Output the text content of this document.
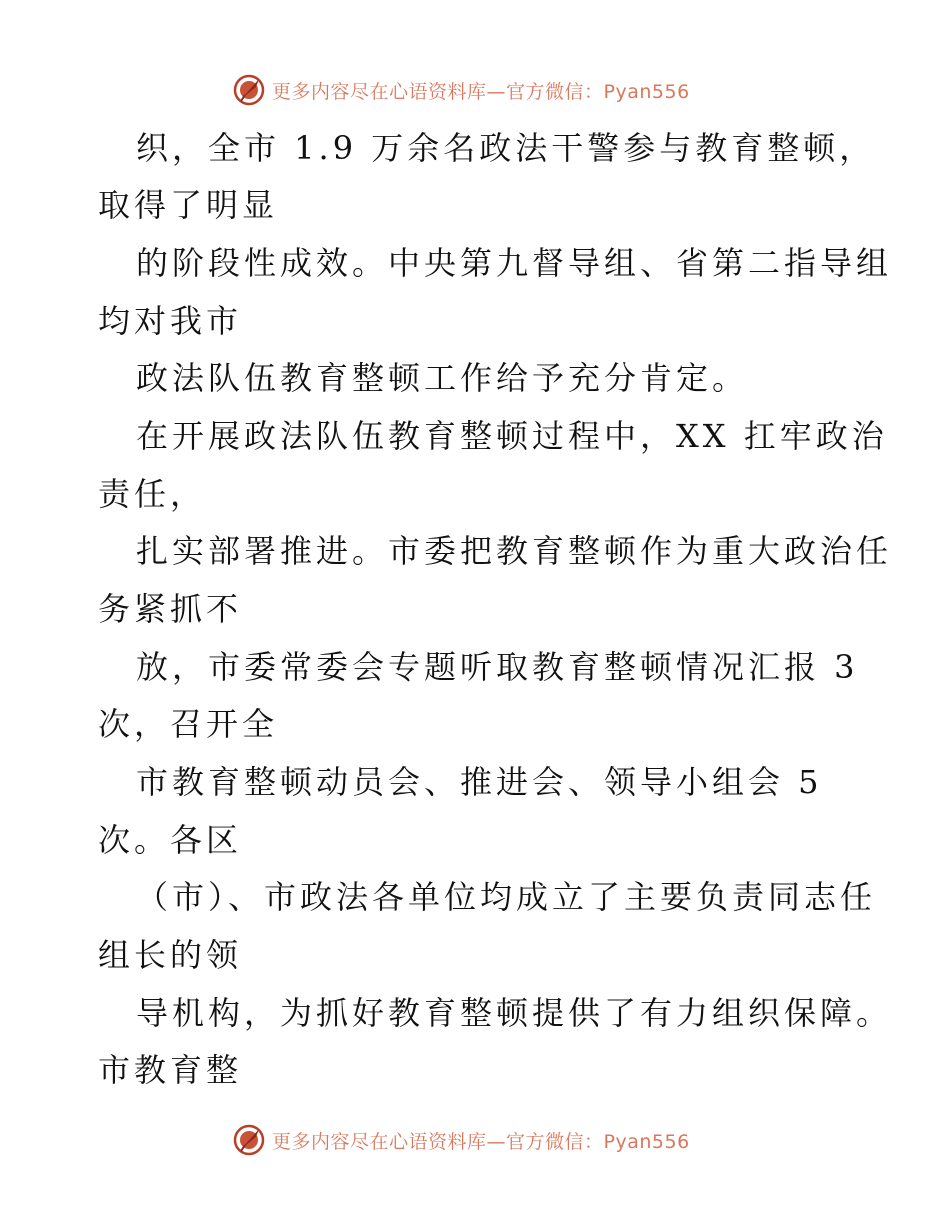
更多内容尽在心语资料库—官方微信：Pyan556
织，全市 1.9 万余名政法干警参与教育整顿，
取得了明显
的阶段性成效。中央第九督导组、省第二指导组
均对我市
政法队伍教育整顿工作给予充分肯定。
在开展政法队伍教育整顿过程中，XX 扛牢政治
责任，
扎实部署推进。市委把教育整顿作为重大政治任
务紧抓不
放，市委常委会专题听取教育整顿情况汇报 3
次，召开全
市教育整顿动员会、推进会、领导小组会 5
次。各区
（市）、市政法各单位均成立了主要负责同志任
组长的领
导机构，为抓好教育整顿提供了有力组织保障。
市教育整
更多内容尽在心语资料库—官方微信：Pyan556
